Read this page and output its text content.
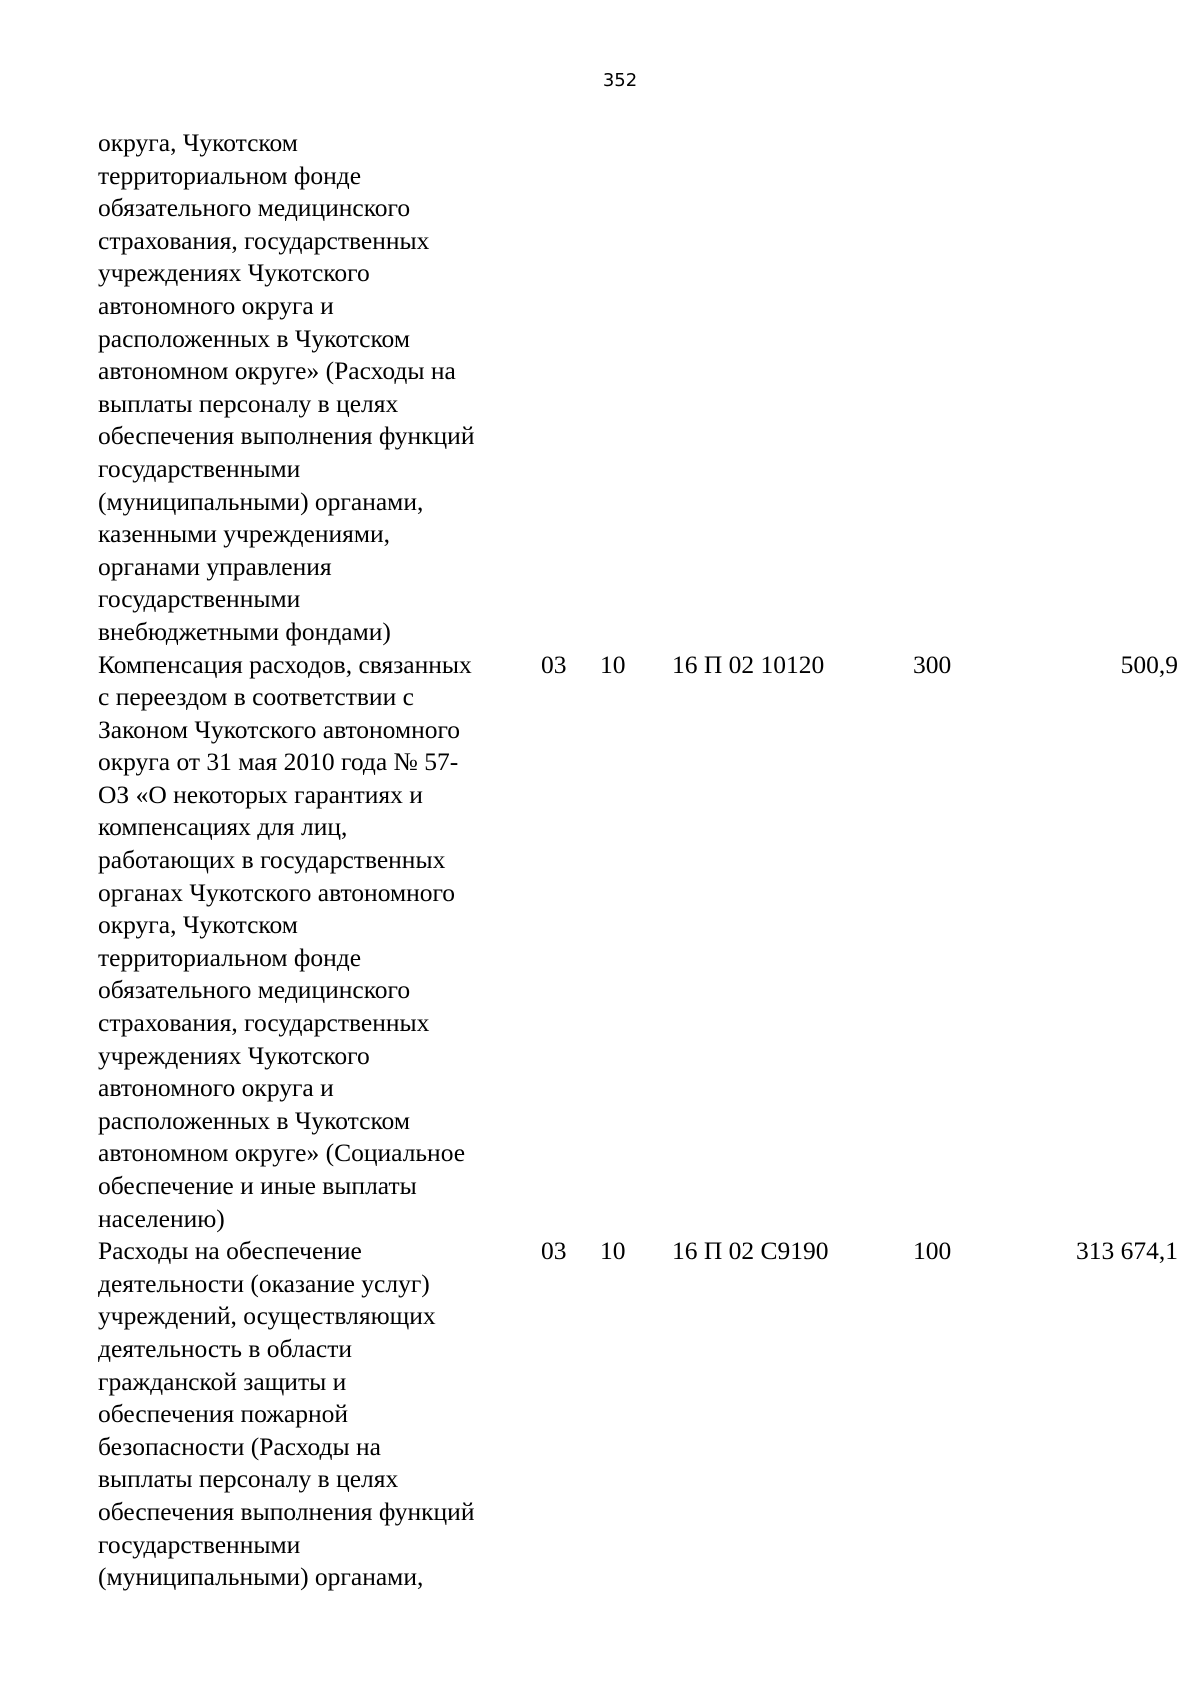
352
округа, Чукотском
территориальном фонде
обязательного медицинского
страхования, государственных
учреждениях Чукотского
автономного округа и
расположенных в Чукотском
автономном округе» (Расходы на
выплаты персоналу в целях
обеспечения выполнения функций
государственными
(муниципальными) органами,
казенными учреждениями,
органами управления
государственными
внебюджетными фондами)
Компенсация расходов, связанных
с переездом в соответствии с
Законом Чукотского автономного
округа от 31 мая 2010 года № 57-
ОЗ «О некоторых гарантиях и
компенсациях для лиц,
работающих в государственных
органах Чукотского автономного
округа, Чукотском
территориальном фонде
обязательного медицинского
страхования, государственных
учреждениях Чукотского
автономного округа и
расположенных в Чукотском
автономном округе» (Социальное
обеспечение и иные выплаты
населению)
03 10 16 П 02 10120	300	500,9
Расходы на обеспечение
деятельности (оказание услуг)
учреждений, осуществляющих
деятельность в области
гражданской защиты и
обеспечения пожарной
безопасности (Расходы на
выплаты персоналу в целях
обеспечения выполнения функций
государственными
(муниципальными) органами,
03 10 16 П 02 С9190	100	313 674,1
